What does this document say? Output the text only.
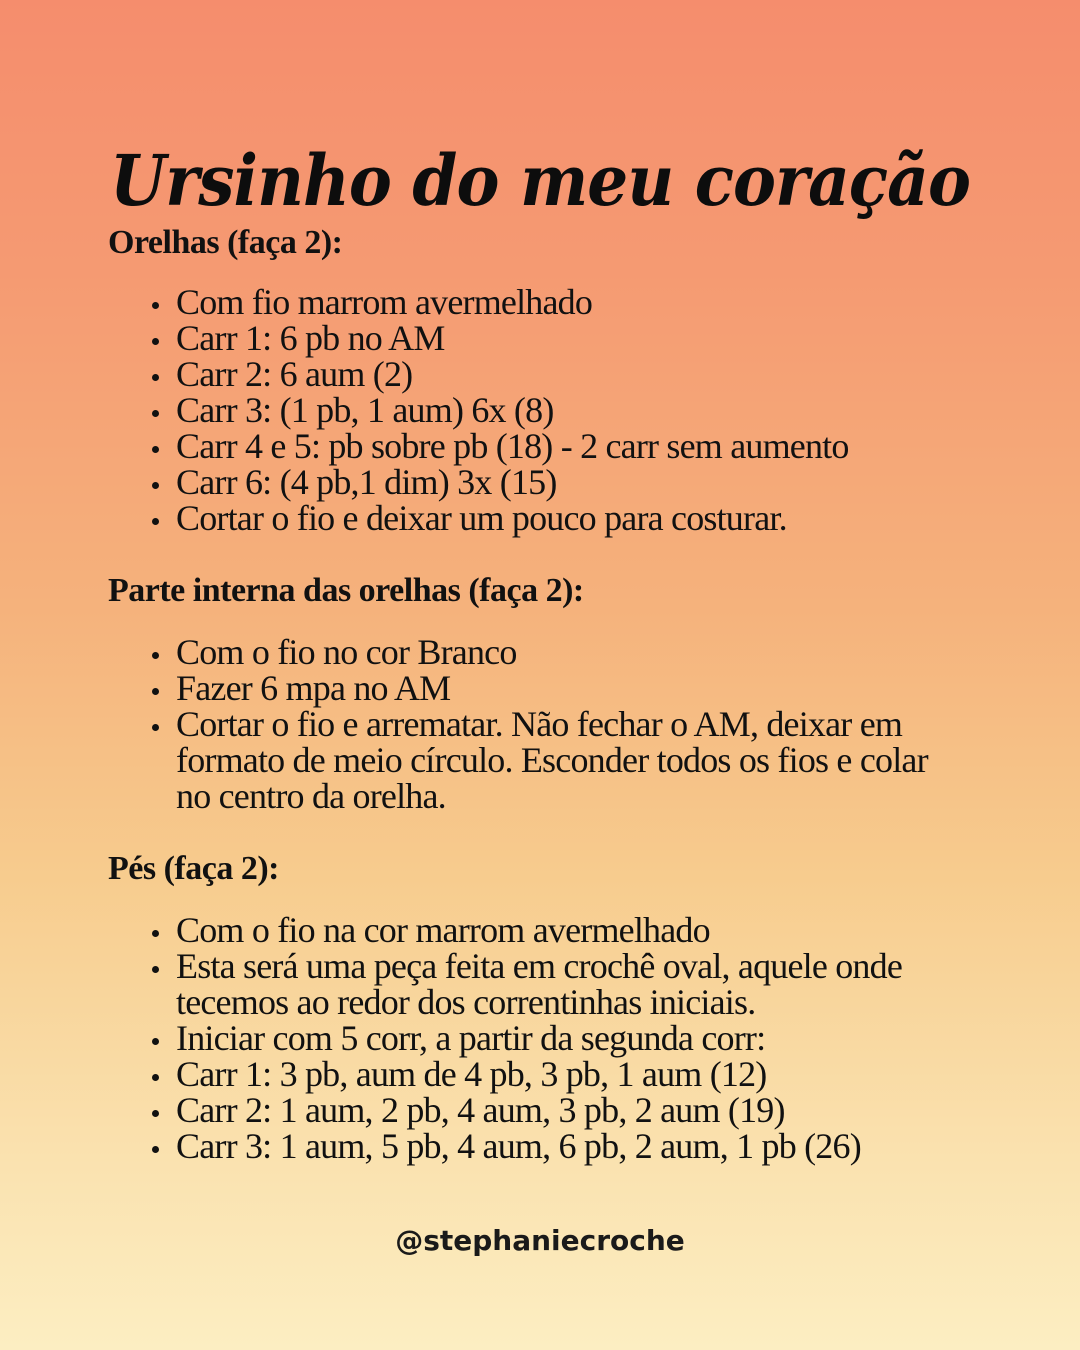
Ursinho do meu coração
Orelhas (faça 2):
Com fio marrom avermelhado
Carr 1: 6 pb no AM
Carr 2: 6 aum (2)
Carr 3: (1 pb, 1 aum) 6x (8)
Carr 4 e 5: pb sobre pb (18) - 2 carr sem aumento
Carr 6: (4 pb,1 dim) 3x (15)
Cortar o fio e deixar um pouco para costurar.
Parte interna das orelhas (faça 2):
Com o fio no cor Branco
Fazer 6 mpa no AM
Cortar o fio e arrematar. Não fechar o AM, deixar em formato de meio círculo. Esconder todos os fios e colar no centro da orelha.
Pés (faça 2):
Com o fio na cor marrom avermelhado
Esta será uma peça feita em crochê oval, aquele onde tecemos ao redor dos correntinhas iniciais.
Iniciar com 5 corr, a partir da segunda corr:
Carr 1: 3 pb, aum de 4 pb, 3 pb, 1 aum (12)
Carr 2: 1 aum, 2 pb, 4 aum, 3 pb, 2 aum (19)
Carr 3: 1 aum, 5 pb, 4 aum, 6 pb, 2 aum, 1 pb (26)
@stephaniecroche
